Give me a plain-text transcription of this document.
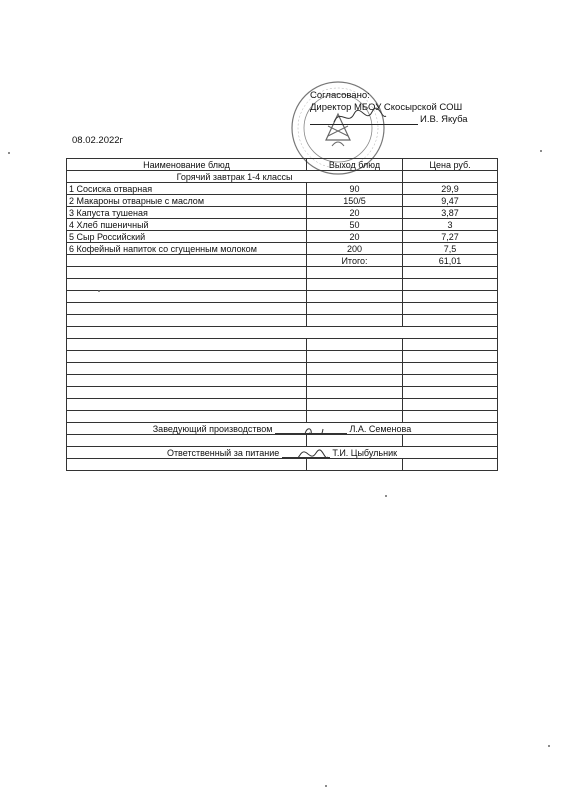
Согласовано:
Директор МБОУ Скосырской СОШ
И.В. Якуба
08.02.2022г
Наименование блюд	Выход блюд	Цена руб.
Горячий завтрак 1-4 классы		
1 Сосиска отварная	90	29,9
2 Макароны отварные с маслом	150/5	9,47
3 Капуста тушеная	20	3,87
4 Хлеб пшеничный	50	3
5 Сыр Российский	20	7,27
6 Кофейный напиток со сгущенным молоком	200	7,5
	Итого:	61,01

Заведующий производством Л.А. Семенова		

Ответственный за питание Т.И. Цыбульник		
